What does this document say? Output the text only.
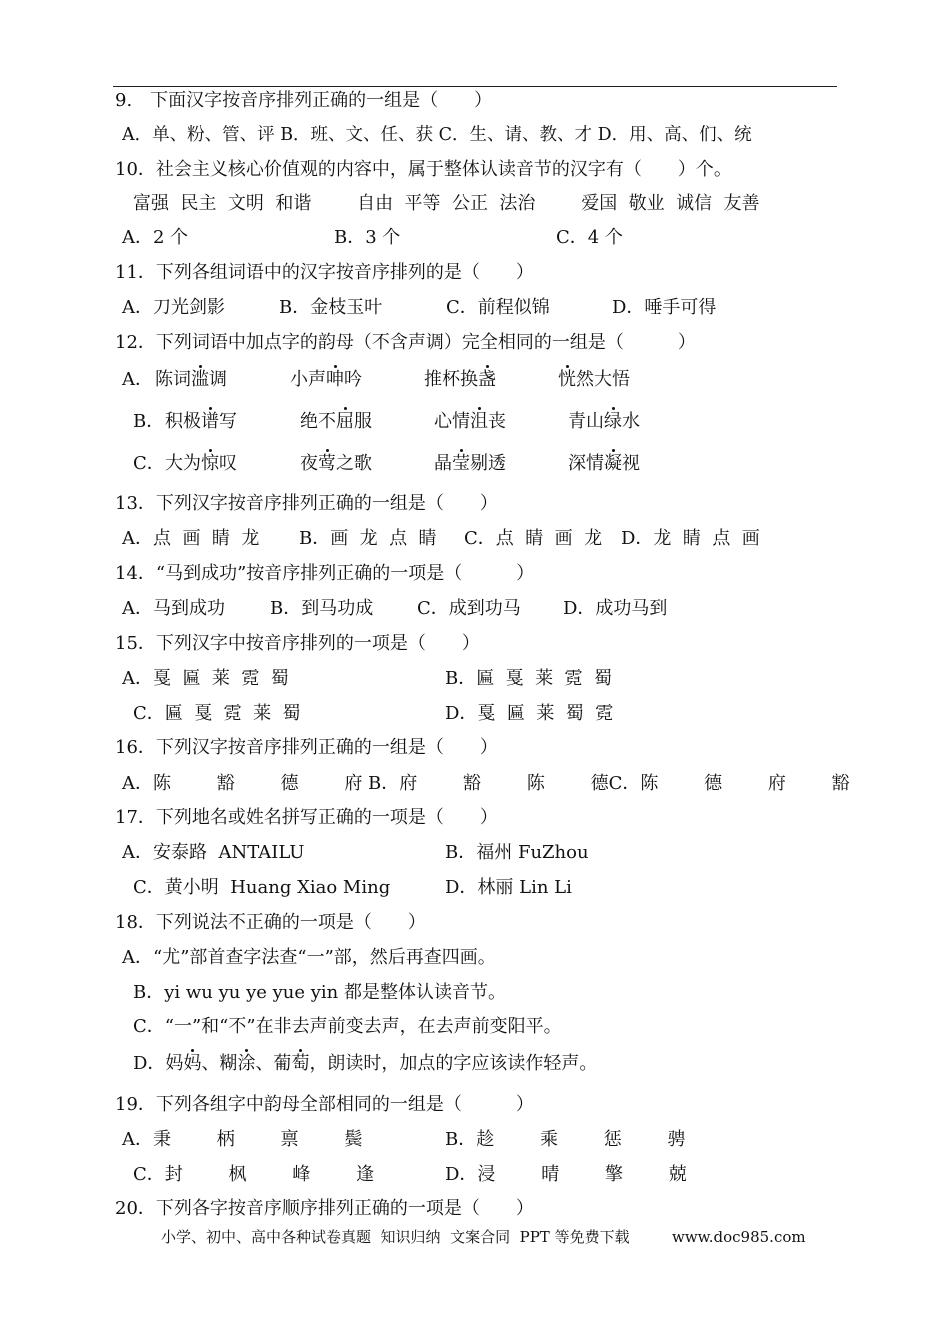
9.　下面汉字按音序排列正确的一组是（　　）
A．单、粉、管、评 B．班、文、任、获 C．生、请、教、才 D．用、高、们、统
10．社会主义核心价值观的内容中，属于整体认读音节的汉字有（　　）个。
富强  民主  文明  和谐        自由  平等  公正  法治        爱国  敬业  诚信  友善
A．2 个	B．3 个	C．4 个
11．下列各组词语中的汉字按音序排列的是（　　）
A．刀光剑影	B．金枝玉叶	C．前程似锦	D．唾手可得
12．下列词语中加点字的韵母（不含声调）完全相同的一组是（　　　）
A． 陈词滥调	小声呻吟	推杯换盏	恍然大悟
B． 积极谱写	绝不屈服	心情沮丧	青山绿水
C． 大为惊叹	夜莺之歌	晶莹剔透	深情凝视
13．下列汉字按音序排列正确的一组是（　　）
A．点  画  睛  龙 B．画  龙  点  睛 C．点  睛  画  龙 D．龙  睛  点  画
14．“马到成功”按音序排列正确的一项是（　　　）
A．马到成功	B．到马功成 C．成到功马 D．成功马到
15．下列汉字中按音序排列的一项是（　　）
A．戛  匾  莱  霓  蜀	B．匾  戛  莱  霓  蜀
C．匾  戛  霓  莱  蜀	D．戛  匾  莱  蜀  霓
16．下列汉字按音序排列正确的一组是（　　）
A．陈        豁        德        府 B．府        豁        陈        德C．陈        德        府        豁
17．下列地名或姓名拼写正确的一项是（　　）
A．安泰路  ANTAILU	B．福州 FuZhou
C．黄小明  Huang Xiao Ming	D．林丽 Lin Li
18．下列说法不正确的一项是（　　）
A．“尤”部首查字法查“一”部，然后再查四画。
B．yi wu yu ye yue yin 都是整体认读音节。
C．“一”和“不”在非去声前变去声，在去声前变阳平。
D．妈妈、糊涂、葡萄，朗读时，加点的字应该读作轻声。
19．下列各组字中韵母全部相同的一组是（　　　）
A．秉        柄        禀        鬓	B．趁        乘        惩        骋
C．封        枫        峰        逢	D．浸        晴        擎        兢
20．下列各字按音序顺序排列正确的一项是（　　）
小学、初中、高中各种试卷真题  知识归纳  文案合同  PPT 等免费下载	www.doc985.com
